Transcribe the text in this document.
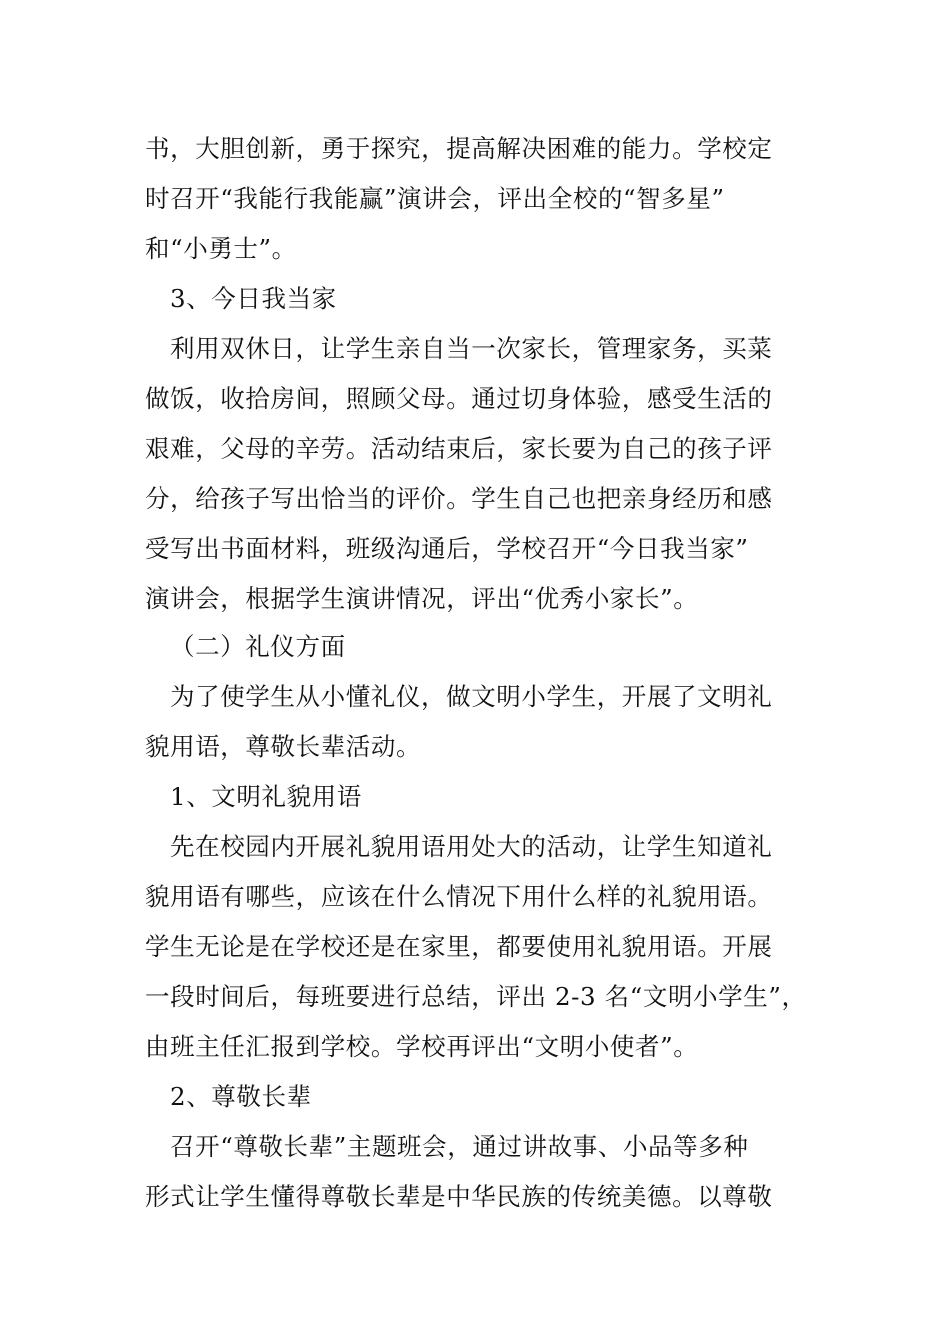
书，大胆创新，勇于探究，提高解决困难的能力。学校定
时召开“我能行我能赢”演讲会，评出全校的“智多星”
和“小勇士”。
3、今日我当家
利用双休日，让学生亲自当一次家长，管理家务，买菜
做饭，收拾房间，照顾父母。通过切身体验，感受生活的
艰难，父母的辛劳。活动结束后，家长要为自己的孩子评
分，给孩子写出恰当的评价。学生自己也把亲身经历和感
受写出书面材料，班级沟通后，学校召开“今日我当家”
演讲会，根据学生演讲情况，评出“优秀小家长”。
（二）礼仪方面
为了使学生从小懂礼仪，做文明小学生，开展了文明礼
貌用语，尊敬长辈活动。
1、文明礼貌用语
先在校园内开展礼貌用语用处大的活动，让学生知道礼
貌用语有哪些，应该在什么情况下用什么样的礼貌用语。
学生无论是在学校还是在家里，都要使用礼貌用语。开展
一段时间后，每班要进行总结，评出 2-3 名“文明小学生”，
由班主任汇报到学校。学校再评出“文明小使者”。
2、尊敬长辈
召开“尊敬长辈”主题班会，通过讲故事、小品等多种
形式让学生懂得尊敬长辈是中华民族的传统美德。以尊敬
